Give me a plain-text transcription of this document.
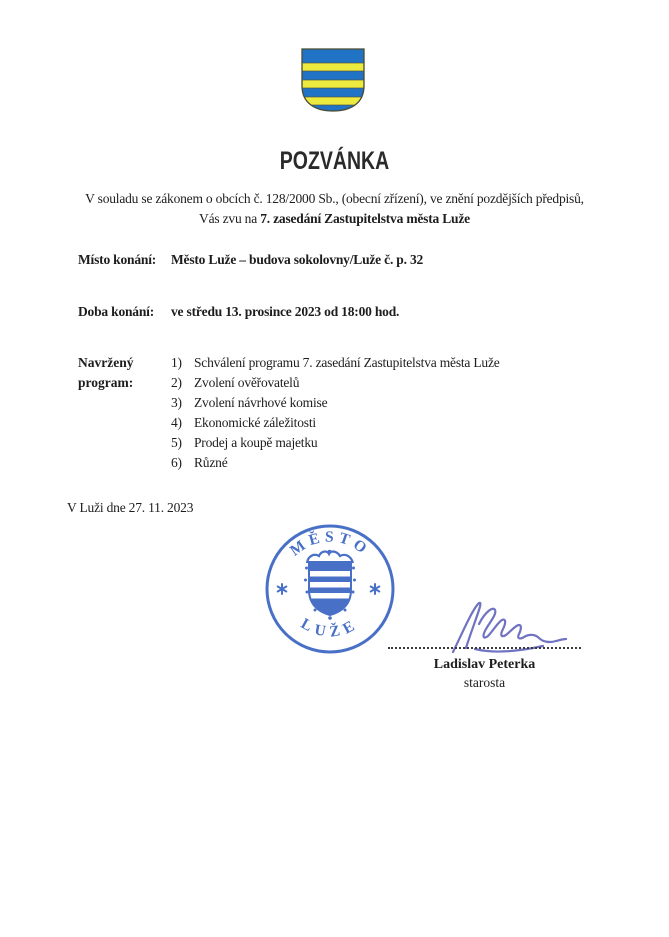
POZVÁNKA
V souladu se zákonem o obcích č. 128/2000 Sb., (obecní zřízení), ve znění pozdějších předpisů,
Vás zvu na 7. zasedání Zastupitelstva města Luže
Místo konání: Město Luže – budova sokolovny/Luže č. p. 32
Doba konání: ve středu 13. prosince 2023 od 18:00 hod.
Navržený
program:
1) Schválení programu 7. zasedání Zastupitelstva města Luže
2) Zvolení ověřovatelů
3) Zvolení návrhové komise
4) Ekonomické záležitosti
5) Prodej a koupě majetku
6) Různé
V Luži dne 27. 11. 2023
MĚSTO
LUŽE
Ladislav Peterka
starosta
